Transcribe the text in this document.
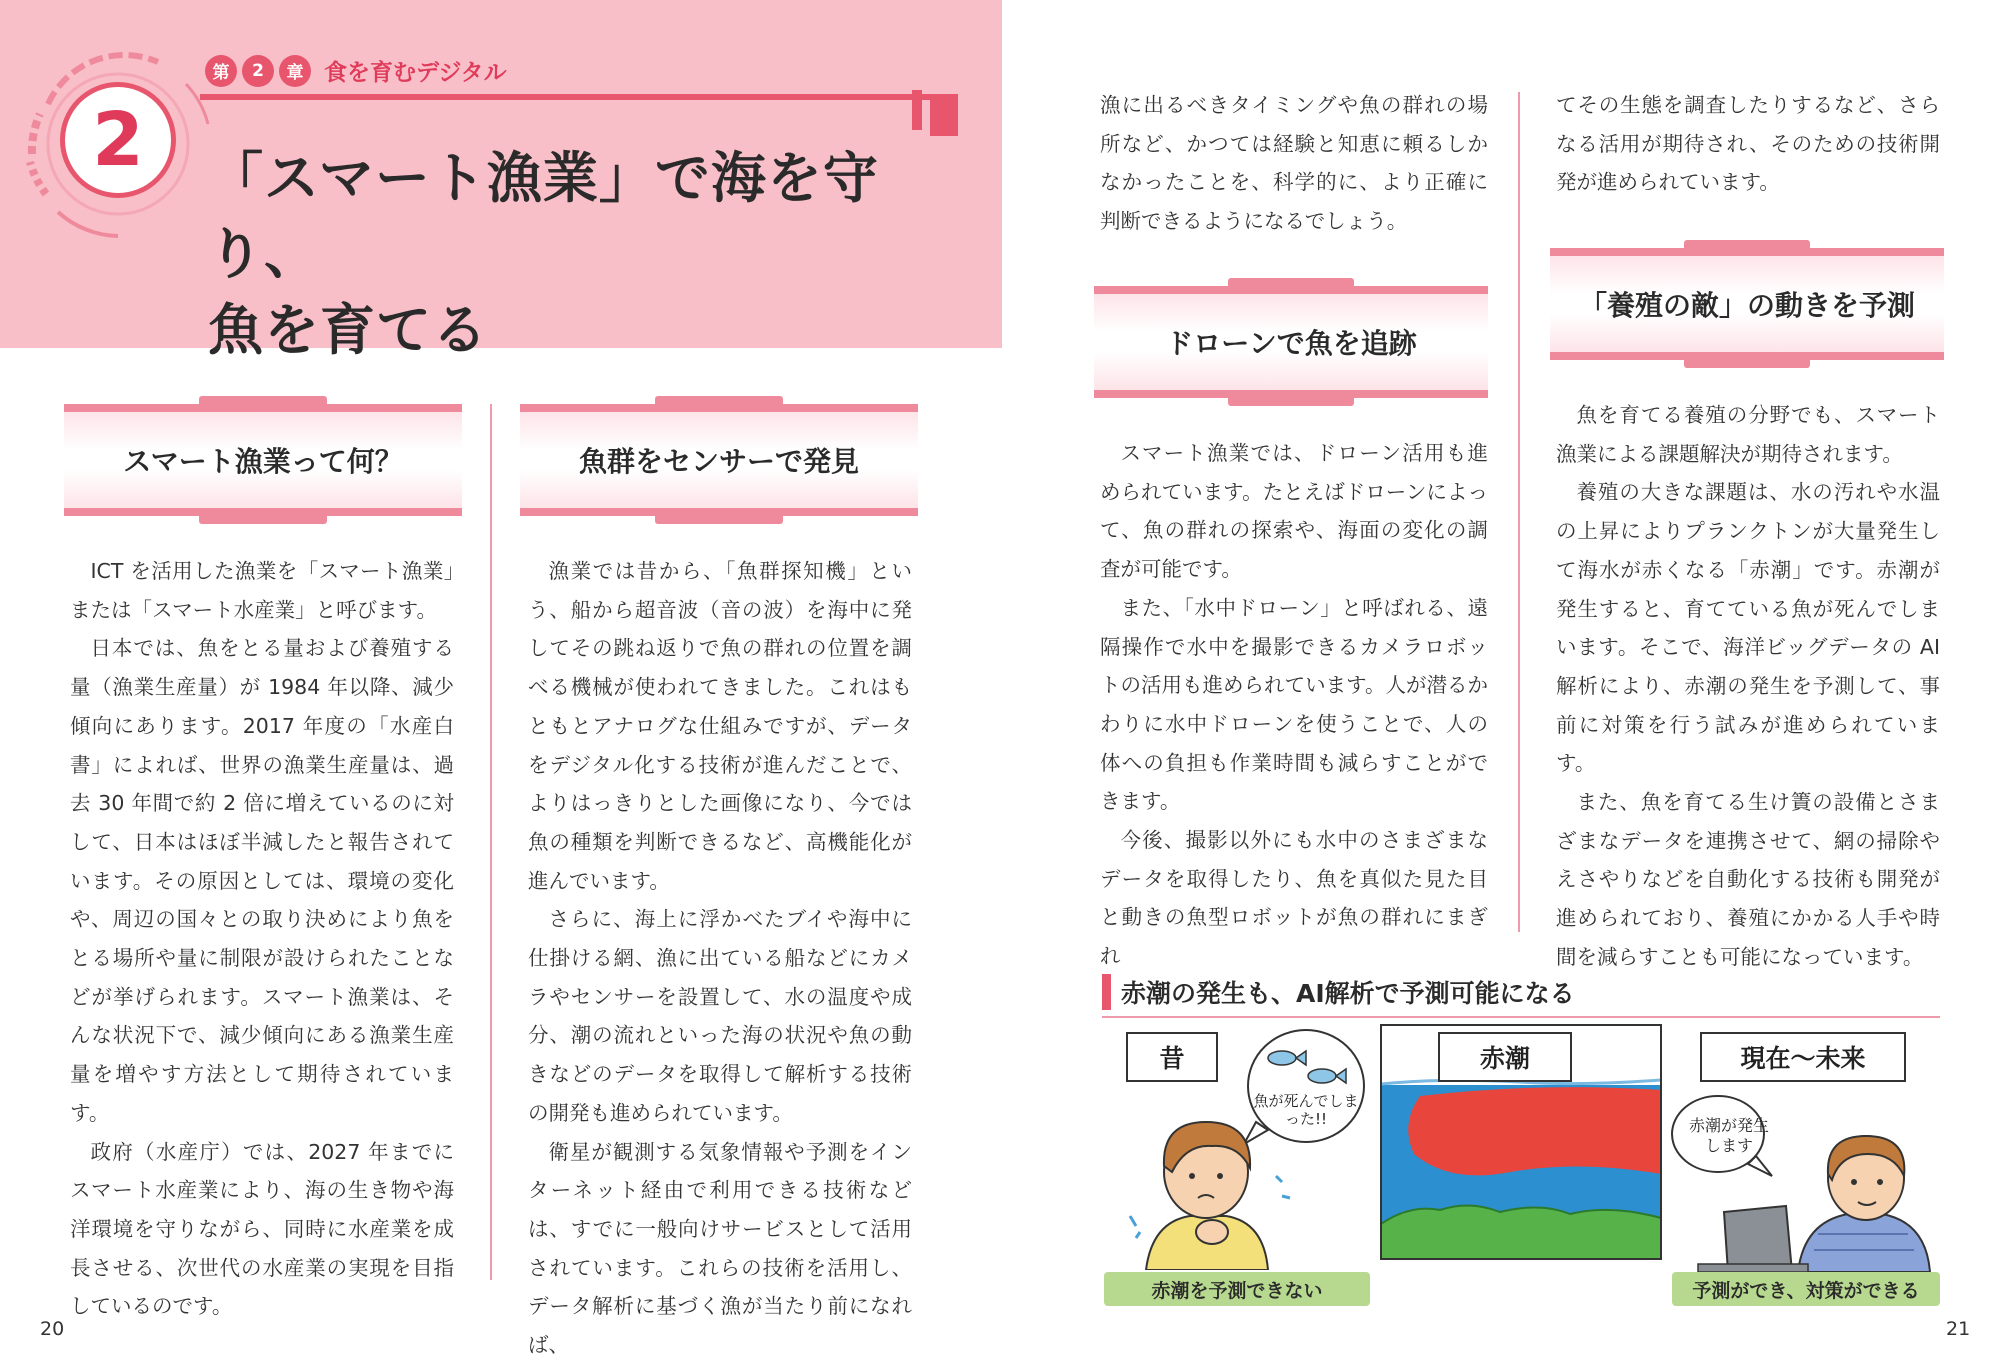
第	2	章 食を育むデジタル
2 「スマート漁業」で海を守り、
魚を育てる
スマート漁業って何？

ICT を活用した漁業を「スマート漁業」または「スマート水産業」と呼びます。

日本では、魚をとる量および養殖する量（漁業生産量）が 1984 年以降、減少傾向にあります。2017 年度の「水産白書」によれば、世界の漁業生産量は、過去 30 年間で約 2 倍に増えているのに対して、日本はほぼ半減したと報告されています。その原因としては、環境の変化や、周辺の国々との取り決めにより魚をとる場所や量に制限が設けられたことなどが挙げられます。スマート漁業は、そんな状況下で、減少傾向にある漁業生産量を増やす方法として期待されています。

政府（水産庁）では、2027 年までにスマート水産業により、海の生き物や海洋環境を守りながら、同時に水産業を成長させる、次世代の水産業の実現を目指しているのです。

魚群をセンサーで発見

漁業では昔から、「魚群探知機」という、船から超音波（音の波）を海中に発してその跳ね返りで魚の群れの位置を調べる機械が使われてきました。これはもともとアナログな仕組みですが、データをデジタル化する技術が進んだことで、よりはっきりとした画像になり、今では魚の種類を判断できるなど、高機能化が進んでいます。

さらに、海上に浮かべたブイや海中に仕掛ける網、漁に出ている船などにカメラやセンサーを設置して、水の温度や成分、潮の流れといった海の状況や魚の動きなどのデータを取得して解析する技術の開発も進められています。

衛星が観測する気象情報や予測をインターネット経由で利用できる技術などは、すでに一般向けサービスとして活用されています。これらの技術を活用し、データ解析に基づく漁が当たり前になれば、

漁に出るべきタイミングや魚の群れの場所など、かつては経験と知恵に頼るしかなかったことを、科学的に、より正確に判断できるようになるでしょう。

ドローンで魚を追跡

スマート漁業では、ドローン活用も進められています。たとえばドローンによって、魚の群れの探索や、海面の変化の調査が可能です。

また、「水中ドローン」と呼ばれる、遠隔操作で水中を撮影できるカメラロボットの活用も進められています。人が潜るかわりに水中ドローンを使うことで、人の体への負担も作業時間も減らすことができます。

今後、撮影以外にも水中のさまざまなデータを取得したり、魚を真似た見た目と動きの魚型ロボットが魚の群れにまぎれ

てその生態を調査したりするなど、さらなる活用が期待され、そのための技術開発が進められています。

「養殖の敵」の動きを予測

魚を育てる養殖の分野でも、スマート漁業による課題解決が期待されます。

養殖の大きな課題は、水の汚れや水温の上昇によりプランクトンが大量発生して海水が赤くなる「赤潮」です。赤潮が発生すると、育てている魚が死んでしまいます。そこで、海洋ビッグデータの AI 解析により、赤潮の発生を予測して、事前に対策を行う試みが進められています。

また、魚を育てる生け簀の設備とさまざまなデータを連携させて、網の掃除やえさやりなどを自動化する技術も開発が進められており、養殖にかかる人手や時間を減らすことも可能になっています。

赤潮の発生も、AI解析で予測可能になる
昔
魚が死んでしまった!!
赤潮を予測できない
赤潮	現在〜未来
赤潮が発生します
予測ができ、対策ができる
20	21
